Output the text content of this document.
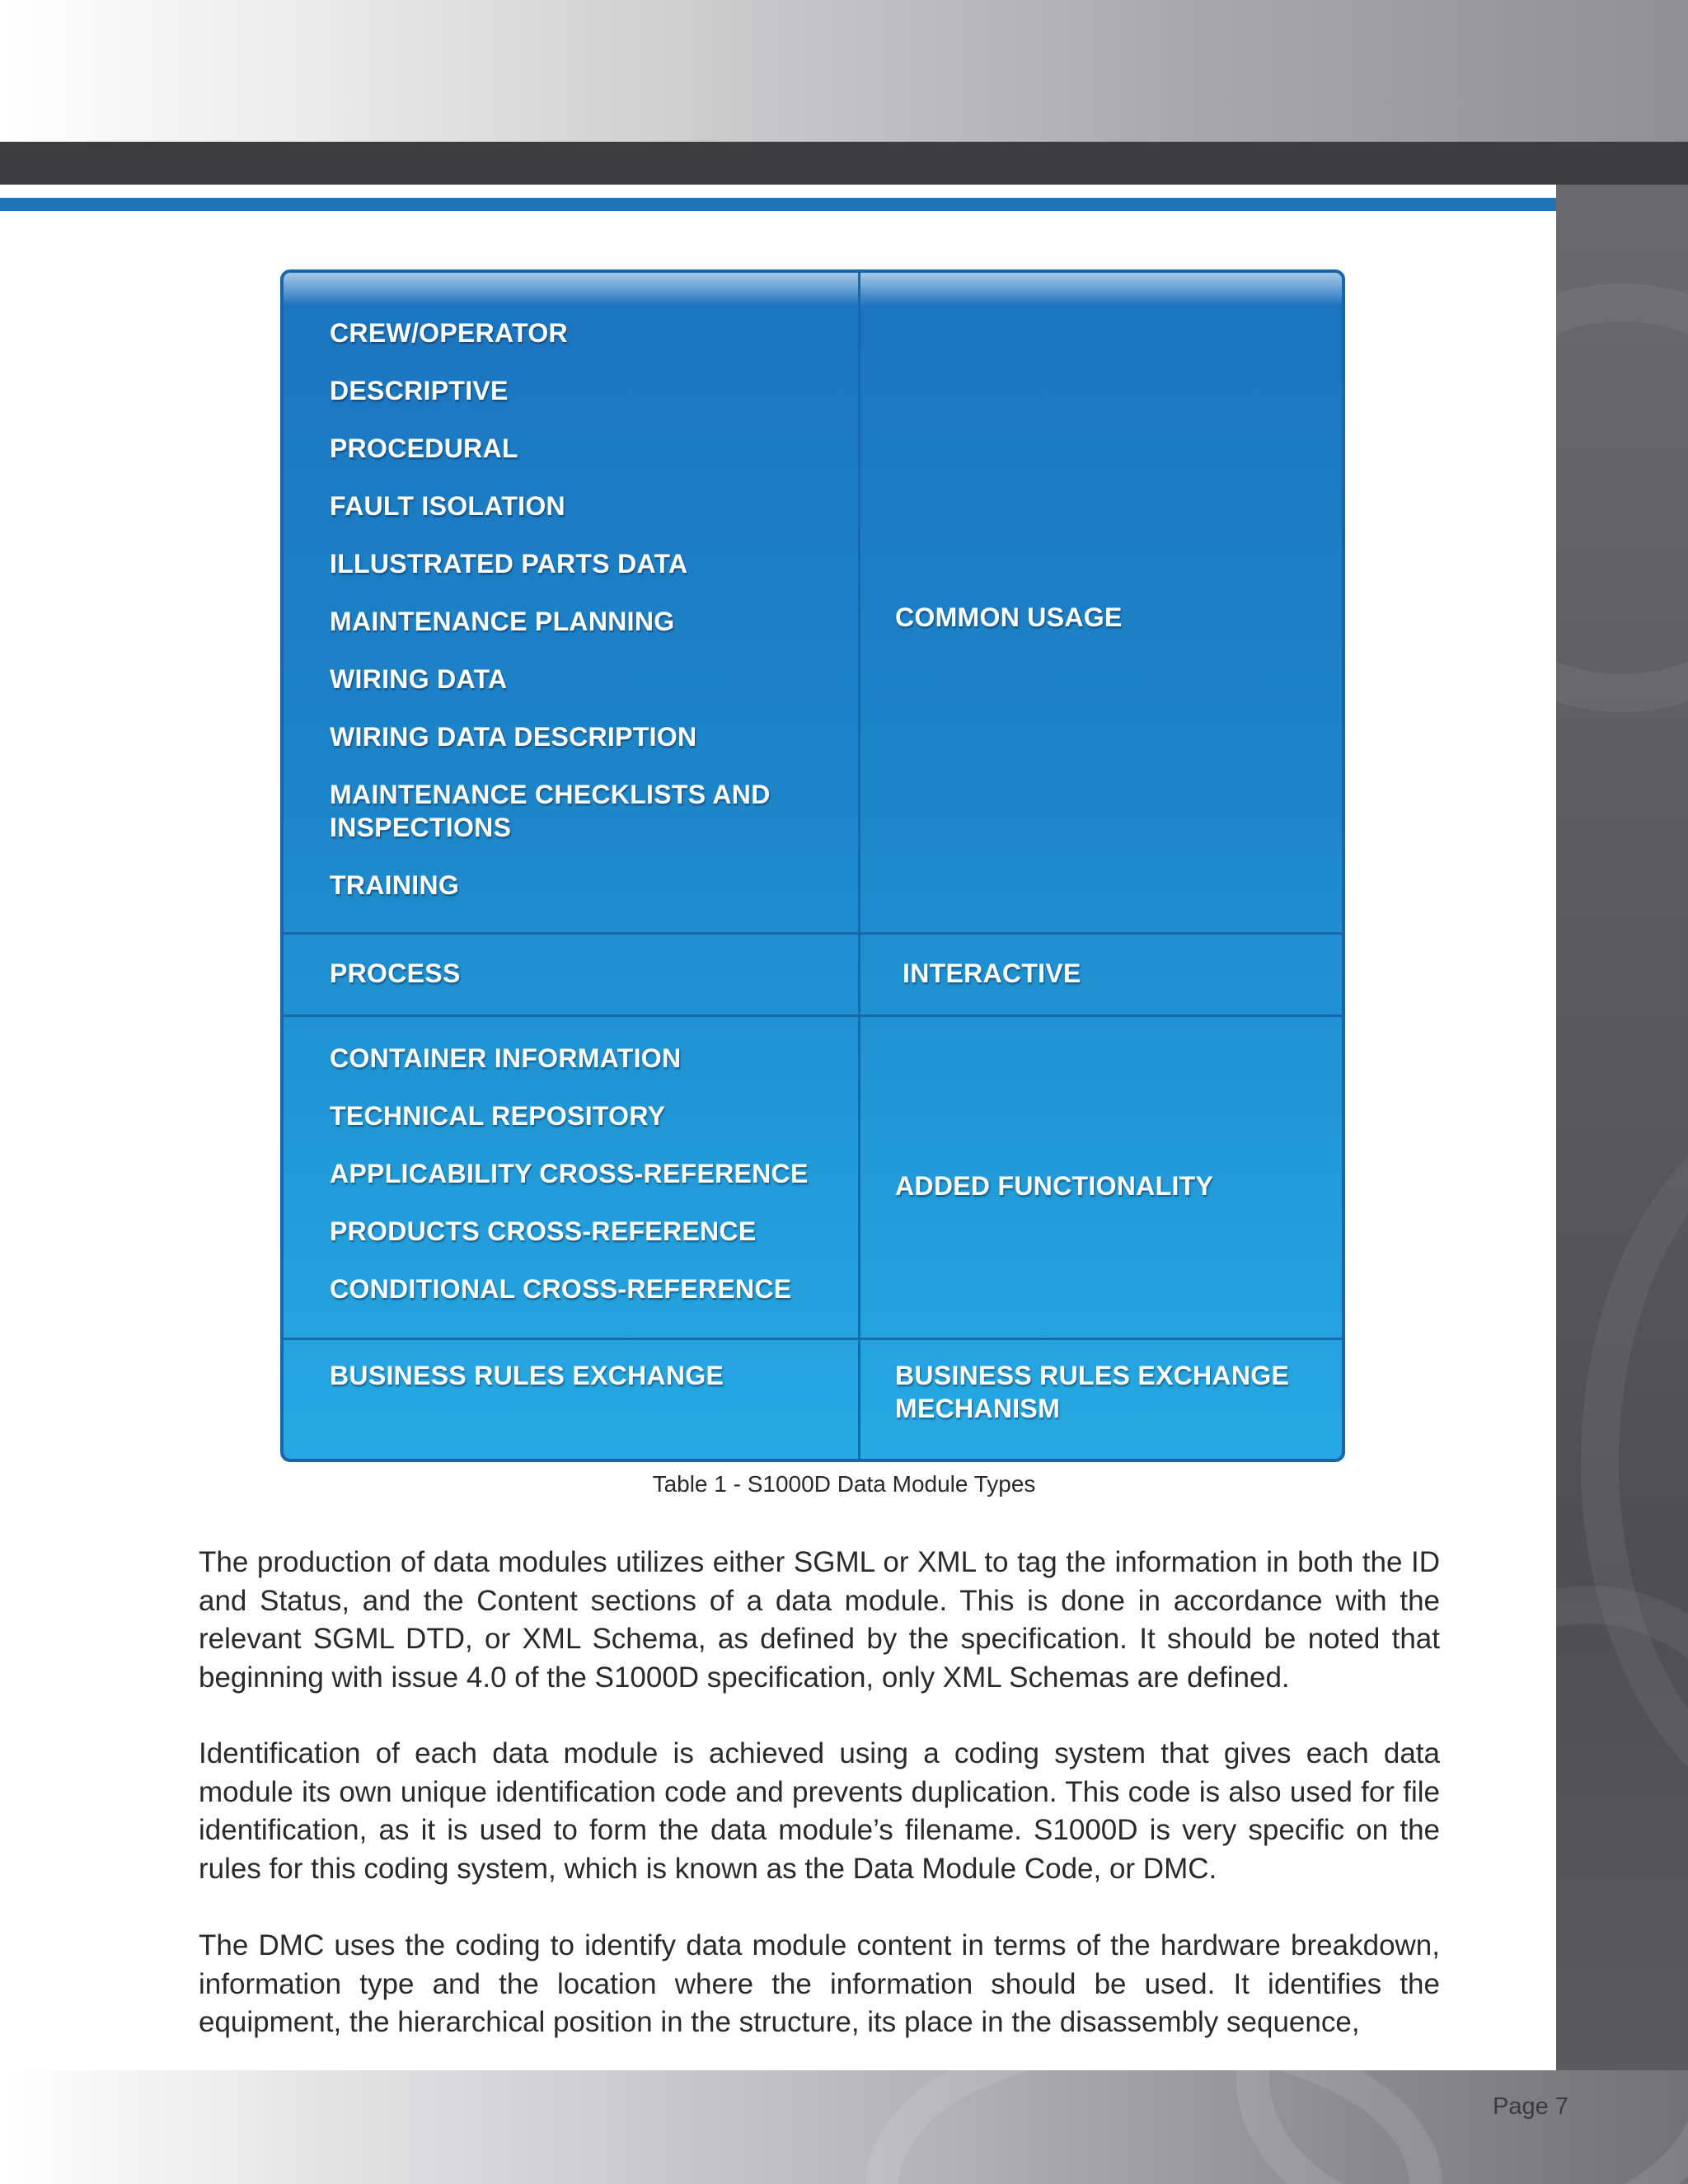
CREW/OPERATOR
DESCRIPTIVE
PROCEDURAL
FAULT ISOLATION
ILLUSTRATED PARTS DATA
MAINTENANCE PLANNING
WIRING DATA
WIRING DATA DESCRIPTION
MAINTENANCE CHECKLISTS AND INSPECTIONS
TRAINING
COMMON USAGE
PROCESS	INTERACTIVE
CONTAINER INFORMATION
TECHNICAL REPOSITORY
APPLICABILITY CROSS-REFERENCE
PRODUCTS CROSS-REFERENCE
CONDITIONAL CROSS-REFERENCE
ADDED FUNCTIONALITY
BUSINESS RULES EXCHANGE	BUSINESS RULES EXCHANGE MECHANISM
Table 1 - S1000D Data Module Types

The production of data modules utilizes either SGML or XML to tag the information in both the ID and Status, and the Content sections of a data module. This is done in accordance with the relevant SGML DTD, or XML Schema, as defined by the specification. It should be noted that beginning with issue 4.0 of the S1000D specification, only XML Schemas are defined.

Identification of each data module is achieved using a coding system that gives each data module its own unique identification code and prevents duplication. This code is also used for file identification, as it is used to form the data module’s filename. S1000D is very specific on the rules for this coding system, which is known as the Data Module Code, or DMC.

The DMC uses the coding to identify data module content in terms of the hardware breakdown, information type and the location where the information should be used. It identifies the equipment, the hierarchical position in the structure, its place in the disassembly sequence,

Page 7
